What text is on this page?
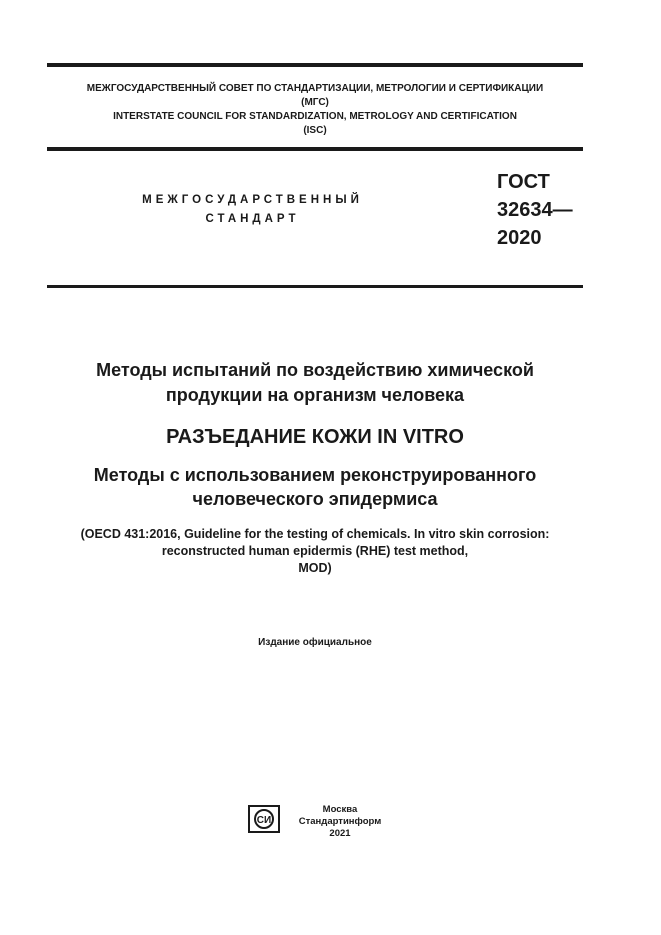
МЕЖГОСУДАРСТВЕННЫЙ СОВЕТ ПО СТАНДАРТИЗАЦИИ, МЕТРОЛОГИИ И СЕРТИФИКАЦИИ
(МГС)
INTERSTATE COUNCIL FOR STANDARDIZATION, METROLOGY AND CERTIFICATION
(ISC)
МЕЖГОСУДАРСТВЕННЫЙ
СТАНДАРТ
ГОСТ
32634—
2020
Методы испытаний по воздействию химической
продукции на организм человека
РАЗЪЕДАНИЕ КОЖИ IN VITRO
Методы с использованием реконструированного
человеческого эпидермиса
(OECD 431:2016, Guideline for the testing of chemicals. In vitro skin corrosion:
reconstructed human epidermis (RHE) test method,
MOD)
Издание официальное
СИ
Москва
Стандартинформ
2021
